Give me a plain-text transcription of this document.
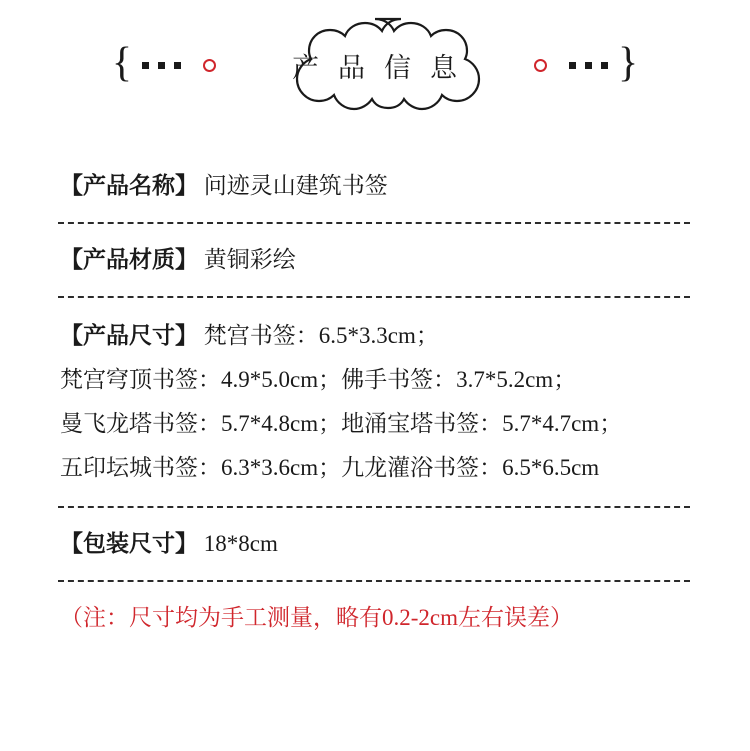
{	产 品 信 息	}
【产品名称】 问迹灵山建筑书签
【产品材质】 黄铜彩绘
【产品尺寸】 梵宫书签：6.5*3.3cm；
梵宫穹顶书签：4.9*5.0cm；佛手书签：3.7*5.2cm；
曼飞龙塔书签：5.7*4.8cm；地涌宝塔书签：5.7*4.7cm；
五印坛城书签：6.3*3.6cm；九龙灌浴书签：6.5*6.5cm
【包装尺寸】 18*8cm
（注：尺寸均为手工测量，略有0.2-2cm左右误差）
